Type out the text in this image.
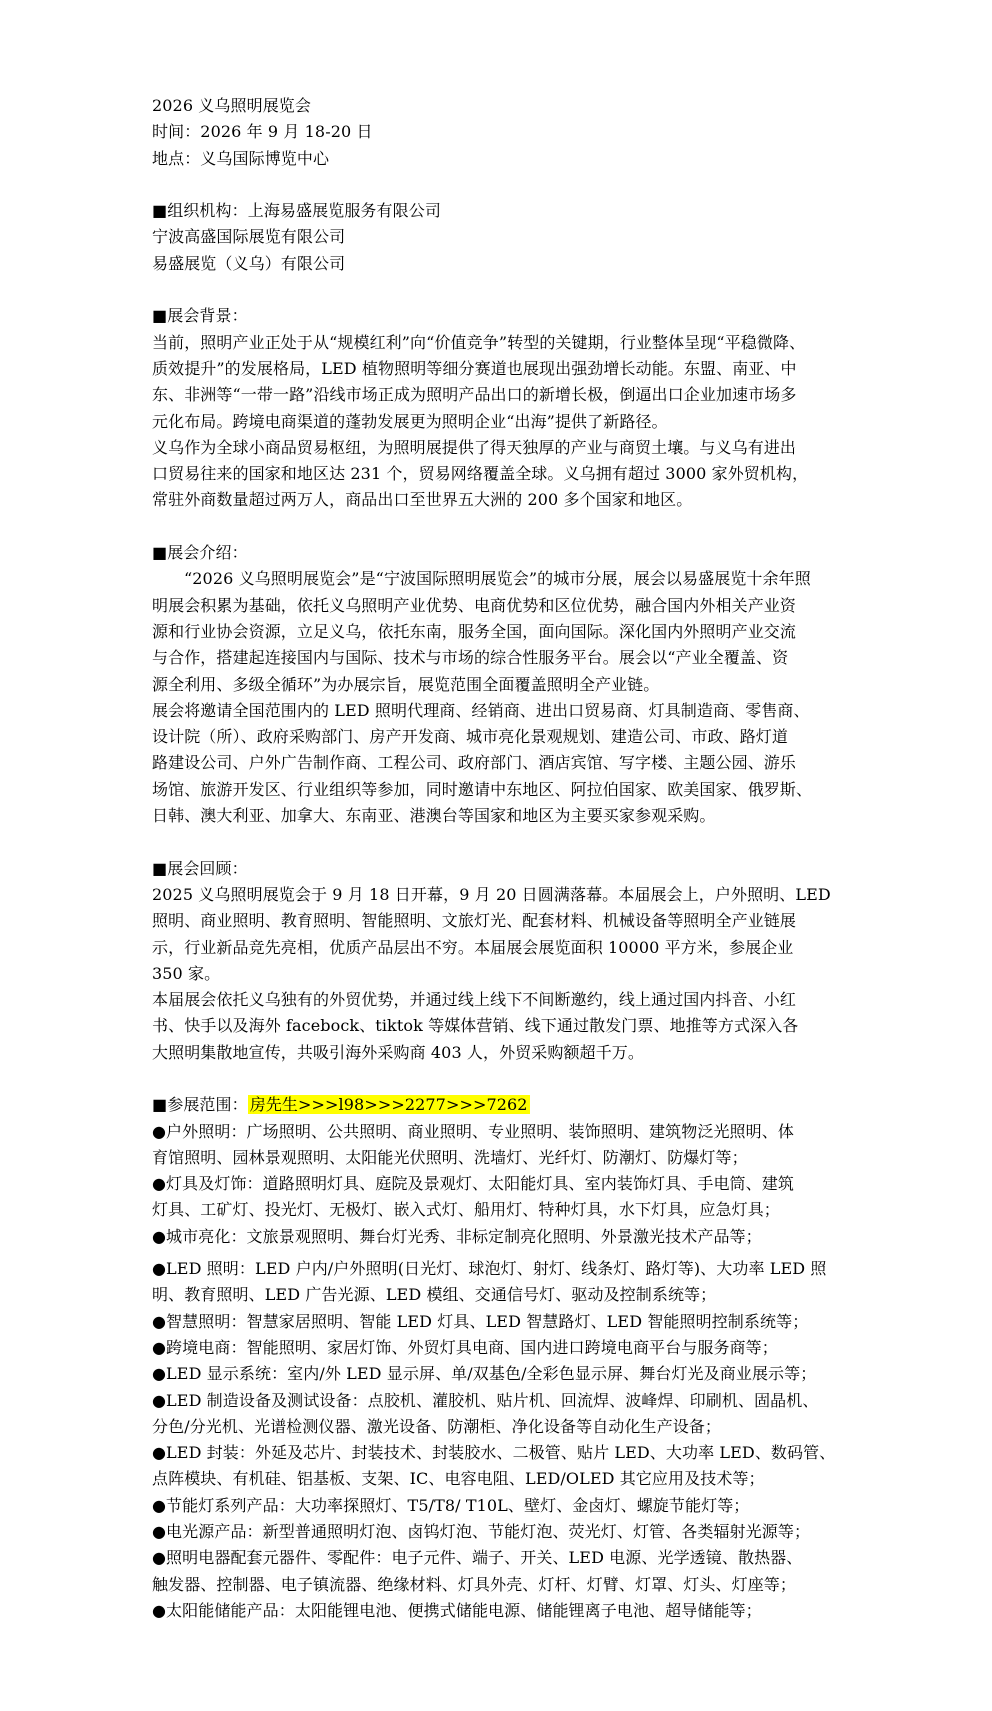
2026 义乌照明展览会
时间：2026 年 9 月 18-20 日
地点：义乌国际博览中心
■组织机构：上海易盛展览服务有限公司
宁波高盛国际展览有限公司
易盛展览（义乌）有限公司
■展会背景：
当前，照明产业正处于从“规模红利”向“价值竞争”转型的关键期，行业整体呈现“平稳微降、
质效提升”的发展格局，LED 植物照明等细分赛道也展现出强劲增长动能。东盟、南亚、中
东、非洲等“一带一路”沿线市场正成为照明产品出口的新增长极，倒逼出口企业加速市场多
元化布局。跨境电商渠道的蓬勃发展更为照明企业“出海”提供了新路径。
义乌作为全球小商品贸易枢纽，为照明展提供了得天独厚的产业与商贸土壤。与义乌有进出
口贸易往来的国家和地区达 231 个，贸易网络覆盖全球。义乌拥有超过 3000 家外贸机构，
常驻外商数量超过两万人，商品出口至世界五大洲的 200 多个国家和地区。
■展会介绍：
“2026 义乌照明展览会”是“宁波国际照明展览会”的城市分展，展会以易盛展览十余年照
明展会积累为基础，依托义乌照明产业优势、电商优势和区位优势，融合国内外相关产业资
源和行业协会资源，立足义乌，依托东南，服务全国，面向国际。深化国内外照明产业交流
与合作，搭建起连接国内与国际、技术与市场的综合性服务平台。展会以“产业全覆盖、资
源全利用、多级全循环”为办展宗旨，展览范围全面覆盖照明全产业链。
展会将邀请全国范围内的 LED 照明代理商、经销商、进出口贸易商、灯具制造商、零售商、
设计院（所）、政府采购部门、房产开发商、城市亮化景观规划、建造公司、市政、路灯道
路建设公司、户外广告制作商、工程公司、政府部门、酒店宾馆、写字楼、主题公园、游乐
场馆、旅游开发区、行业组织等参加，同时邀请中东地区、阿拉伯国家、欧美国家、俄罗斯、
日韩、澳大利亚、加拿大、东南亚、港澳台等国家和地区为主要买家参观采购。
■展会回顾：
2025 义乌照明展览会于 9 月 18 日开幕，9 月 20 日圆满落幕。本届展会上，户外照明、LED
照明、商业照明、教育照明、智能照明、文旅灯光、配套材料、机械设备等照明全产业链展
示，行业新品竞先亮相，优质产品层出不穷。本届展会展览面积 10000 平方米，参展企业
350 家。
本届展会依托义乌独有的外贸优势，并通过线上线下不间断邀约，线上通过国内抖音、小红
书、快手以及海外 facebock、tiktok 等媒体营销、线下通过散发门票、地推等方式深入各
大照明集散地宣传，共吸引海外采购商 403 人，外贸采购额超千万。
■参展范围： 房先生>>>l98>>>2277>>>7262
●户外照明：广场照明、公共照明、商业照明、专业照明、装饰照明、建筑物泛光照明、体
育馆照明、园林景观照明、太阳能光伏照明、洗墙灯、光纤灯、防潮灯、防爆灯等；
●灯具及灯饰：道路照明灯具、庭院及景观灯、太阳能灯具、室内装饰灯具、手电筒、建筑
灯具、工矿灯、投光灯、无极灯、嵌入式灯、船用灯、特种灯具，水下灯具，应急灯具；
●城市亮化：文旅景观照明、舞台灯光秀、非标定制亮化照明、外景激光技术产品等；
●LED 照明：LED 户内/户外照明(日光灯、球泡灯、射灯、线条灯、路灯等)、大功率 LED 照
明、教育照明、LED 广告光源、LED 模组、交通信号灯、驱动及控制系统等；
●智慧照明：智慧家居照明、智能 LED 灯具、LED 智慧路灯、LED 智能照明控制系统等；
●跨境电商：智能照明、家居灯饰、外贸灯具电商、国内进口跨境电商平台与服务商等；
●LED 显示系统：室内/外 LED 显示屏、单/双基色/全彩色显示屏、舞台灯光及商业展示等；
●LED 制造设备及测试设备：点胶机、灌胶机、贴片机、回流焊、波峰焊、印刷机、固晶机、
分色/分光机、光谱检测仪器、激光设备、防潮柜、净化设备等自动化生产设备；
●LED 封装：外延及芯片、封装技术、封装胶水、二极管、贴片 LED、大功率 LED、数码管、
点阵模块、有机硅、铝基板、支架、IC、电容电阻、LED/OLED 其它应用及技术等；
●节能灯系列产品：大功率探照灯、T5/T8/ T10L、壁灯、金卤灯、螺旋节能灯等；
●电光源产品：新型普通照明灯泡、卤钨灯泡、节能灯泡、荧光灯、灯管、各类辐射光源等；
●照明电器配套元器件、零配件：电子元件、端子、开关、LED 电源、光学透镜、散热器、
触发器、控制器、电子镇流器、绝缘材料、灯具外壳、灯杆、灯臂、灯罩、灯头、灯座等；
●太阳能储能产品：太阳能锂电池、便携式储能电源、储能锂离子电池、超导储能等；
